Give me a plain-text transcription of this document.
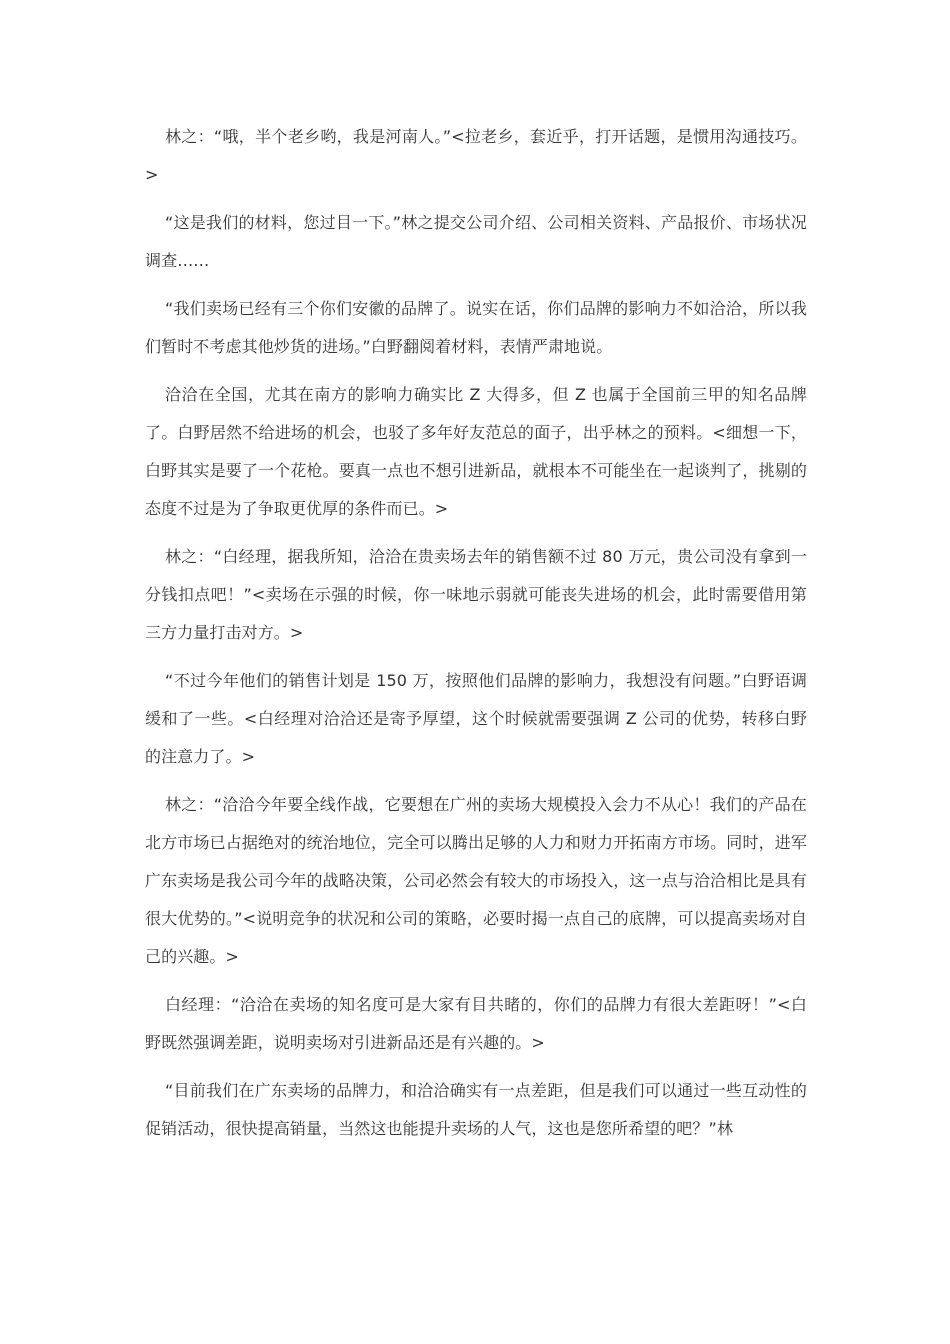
林之：“哦，半个老乡哟，我是河南人。”<拉老乡，套近乎，打开话题，是惯用沟通技巧。>

“这是我们的材料，您过目一下。”林之提交公司介绍、公司相关资料、产品报价、市场状况调查……

“我们卖场已经有三个你们安徽的品牌了。说实在话，你们品牌的影响力不如洽洽，所以我们暂时不考虑其他炒货的进场。”白野翻阅着材料，表情严肃地说。

洽洽在全国，尤其在南方的影响力确实比 Z 大得多，但 Z 也属于全国前三甲的知名品牌了。白野居然不给进场的机会，也驳了多年好友范总的面子，出乎林之的预料。<细想一下，白野其实是要了一个花枪。要真一点也不想引进新品，就根本不可能坐在一起谈判了，挑剔的态度不过是为了争取更优厚的条件而已。>

林之：“白经理，据我所知，洽洽在贵卖场去年的销售额不过 80 万元，贵公司没有拿到一分钱扣点吧！”<卖场在示强的时候，你一味地示弱就可能丧失进场的机会，此时需要借用第三方力量打击对方。>

“不过今年他们的销售计划是 150 万，按照他们品牌的影响力，我想没有问题。”白野语调缓和了一些。<白经理对洽洽还是寄予厚望，这个时候就需要强调 Z 公司的优势，转移白野的注意力了。>

林之：“洽洽今年要全线作战，它要想在广州的卖场大规模投入会力不从心！我们的产品在北方市场已占据绝对的统治地位，完全可以腾出足够的人力和财力开拓南方市场。同时，进军广东卖场是我公司今年的战略决策，公司必然会有较大的市场投入，这一点与洽洽相比是具有很大优势的。”<说明竞争的状况和公司的策略，必要时揭一点自己的底牌，可以提高卖场对自己的兴趣。>

白经理：“洽洽在卖场的知名度可是大家有目共睹的，你们的品牌力有很大差距呀！”<白野既然强调差距，说明卖场对引进新品还是有兴趣的。>

“目前我们在广东卖场的品牌力，和洽洽确实有一点差距，但是我们可以通过一些互动性的促销活动，很快提高销量，当然这也能提升卖场的人气，这也是您所希望的吧？”林
